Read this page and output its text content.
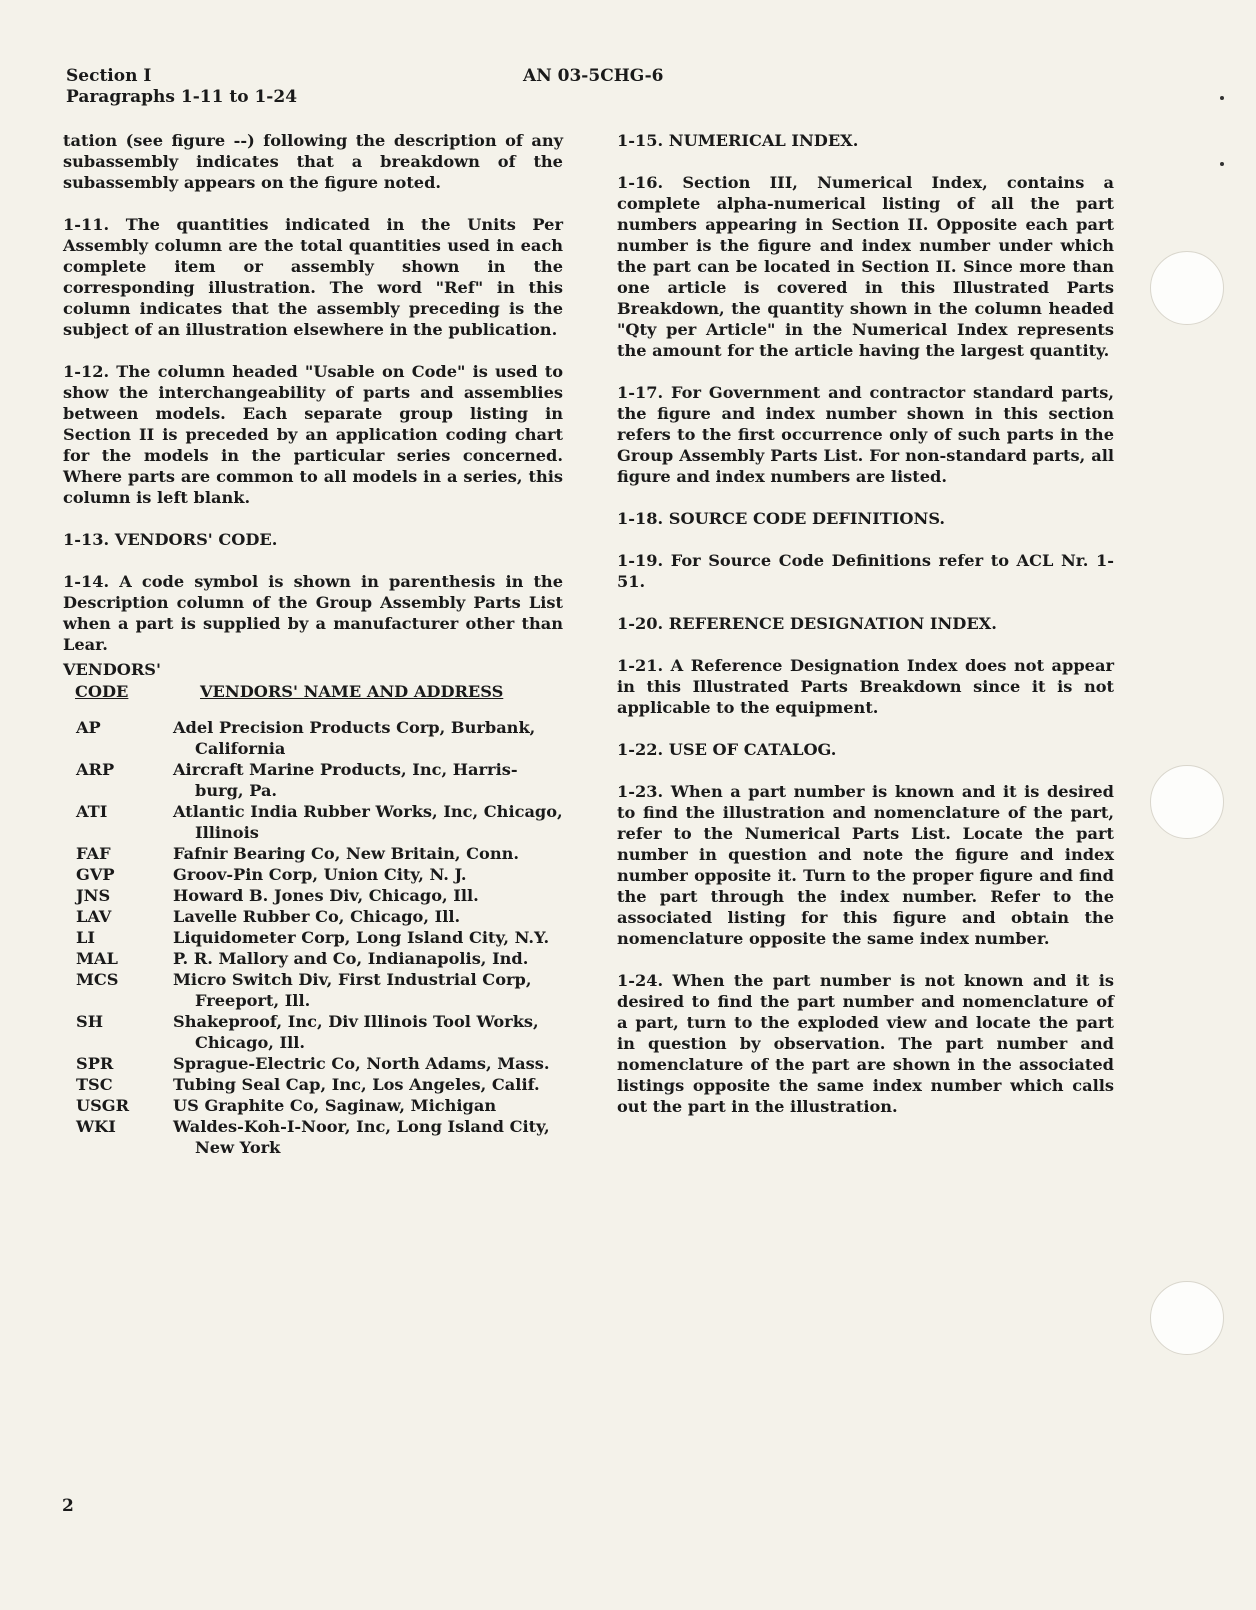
Section I
Paragraphs 1-11 to 1-24
AN 03-5CHG-6

tation (see figure --) following the description of any subassembly indicates that a breakdown of the subassembly appears on the figure noted.

1-11. The quantities indicated in the Units Per Assembly column are the total quantities used in each complete item or assembly shown in the corresponding illustration. The word "Ref" in this column indicates that the assembly preceding is the subject of an illustration elsewhere in the publication.

1-12. The column headed "Usable on Code" is used to show the interchangeability of parts and assemblies between models. Each separate group listing in Section II is preceded by an application coding chart for the models in the particular series concerned. Where parts are common to all models in a series, this column is left blank.

1-13. VENDORS' CODE.

1-14. A code symbol is shown in parenthesis in the Description column of the Group Assembly Parts List when a part is supplied by a manufacturer other than Lear.

VENDORS'
CODE	VENDORS' NAME AND ADDRESS
AP	Adel Precision Products Corp, Burbank,
California
ARP	Aircraft Marine Products, Inc, Harris-
burg, Pa.
ATI	Atlantic India Rubber Works, Inc, Chicago,
Illinois
FAF	Fafnir Bearing Co, New Britain, Conn.
GVP	Groov-Pin Corp, Union City, N. J.
JNS	Howard B. Jones Div, Chicago, Ill.
LAV	Lavelle Rubber Co, Chicago, Ill.
LI	Liquidometer Corp, Long Island City, N.Y.
MAL	P. R. Mallory and Co, Indianapolis, Ind.
MCS	Micro Switch Div, First Industrial Corp,
Freeport, Ill.
SH	Shakeproof, Inc, Div Illinois Tool Works,
Chicago, Ill.
SPR	Sprague-Electric Co, North Adams, Mass.
TSC	Tubing Seal Cap, Inc, Los Angeles, Calif.
USGR	US Graphite Co, Saginaw, Michigan
WKI	Waldes-Koh-I-Noor, Inc, Long Island City,
New York
1-15. NUMERICAL INDEX.

1-16. Section III, Numerical Index, contains a complete alpha-numerical listing of all the part numbers appearing in Section II. Opposite each part number is the figure and index number under which the part can be located in Section II. Since more than one article is covered in this Illustrated Parts Breakdown, the quantity shown in the column headed "Qty per Article" in the Numerical Index represents the amount for the article having the largest quantity.

1-17. For Government and contractor standard parts, the figure and index number shown in this section refers to the first occurrence only of such parts in the Group Assembly Parts List. For non-standard parts, all figure and index numbers are listed.

1-18. SOURCE CODE DEFINITIONS.

1-19. For Source Code Definitions refer to ACL Nr. 1-51.

1-20. REFERENCE DESIGNATION INDEX.

1-21. A Reference Designation Index does not appear in this Illustrated Parts Breakdown since it is not applicable to the equipment.

1-22. USE OF CATALOG.

1-23. When a part number is known and it is desired to find the illustration and nomenclature of the part, refer to the Numerical Parts List. Locate the part number in question and note the figure and index number opposite it. Turn to the proper figure and find the part through the index number. Refer to the associated listing for this figure and obtain the nomenclature opposite the same index number.

1-24. When the part number is not known and it is desired to find the part number and nomenclature of a part, turn to the exploded view and locate the part in question by observation. The part number and nomenclature of the part are shown in the associated listings opposite the same index number which calls out the part in the illustration.

2
